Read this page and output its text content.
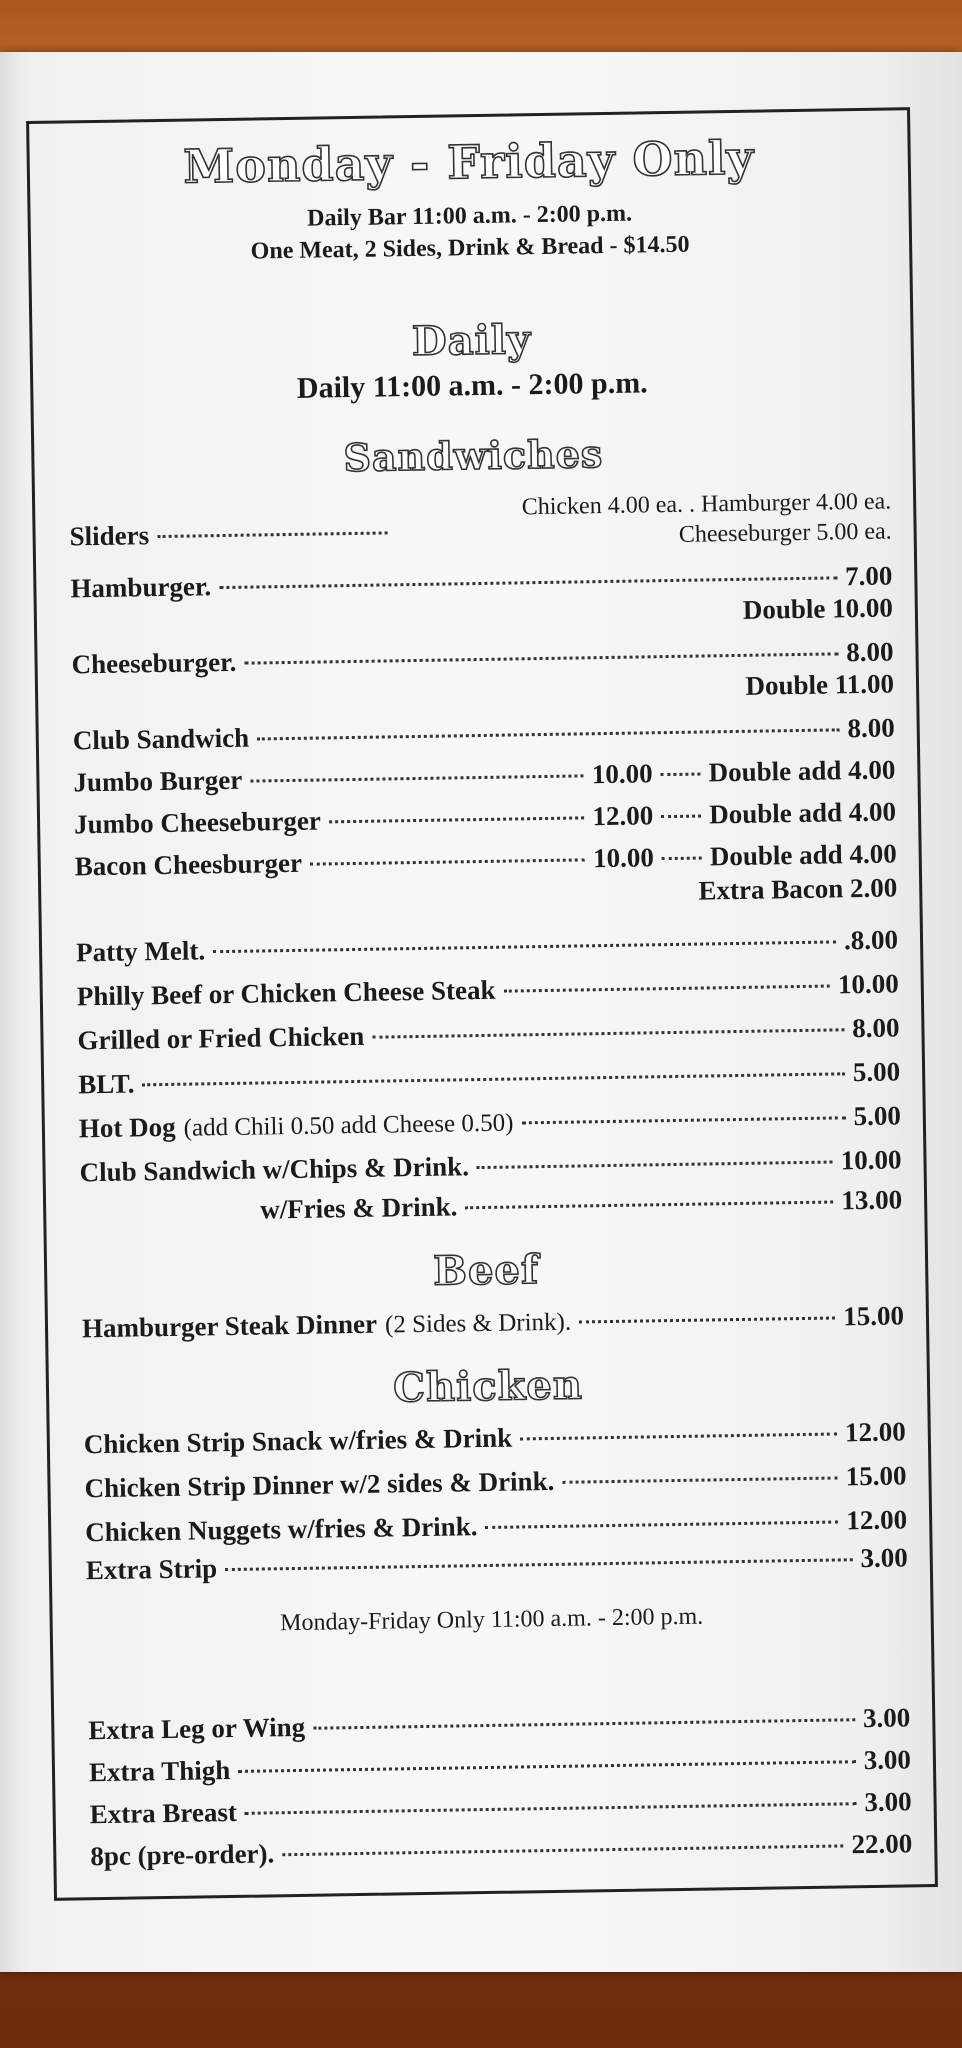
Monday - Friday Only
Daily Bar 11:00 a.m. - 2:00 p.m.
One Meat, 2 Sides, Drink & Bread - $14.50
Daily
Daily 11:00 a.m. - 2:00 p.m.
Sandwiches
Chicken 4.00 ea. . Hamburger 4.00 ea.
Sliders	Cheeseburger 5.00 ea.
Hamburger.	7.00
Double 10.00
Cheeseburger.	8.00
Double 11.00
Club Sandwich	8.00
Jumbo Burger	10.00 Double add 4.00
Jumbo Cheeseburger	12.00 Double add 4.00
Bacon Cheesburger	10.00 Double add 4.00
Extra Bacon 2.00
Patty Melt.	.8.00
Philly Beef or Chicken Cheese Steak	10.00
Grilled or Fried Chicken	8.00
BLT.	5.00
Hot Dog (add Chili 0.50 add Cheese 0.50)	5.00
Club Sandwich w/Chips & Drink.	10.00
w/Fries & Drink.	13.00
Beef
Hamburger Steak Dinner (2 Sides & Drink).	15.00
Chicken
Chicken Strip Snack w/fries & Drink	12.00
Chicken Strip Dinner w/2 sides & Drink.	15.00
Chicken Nuggets w/fries & Drink.	12.00
Extra Strip	3.00
Monday-Friday Only 11:00 a.m. - 2:00 p.m.
Extra Leg or Wing	3.00
Extra Thigh	3.00
Extra Breast	3.00
8pc (pre-order).	22.00
